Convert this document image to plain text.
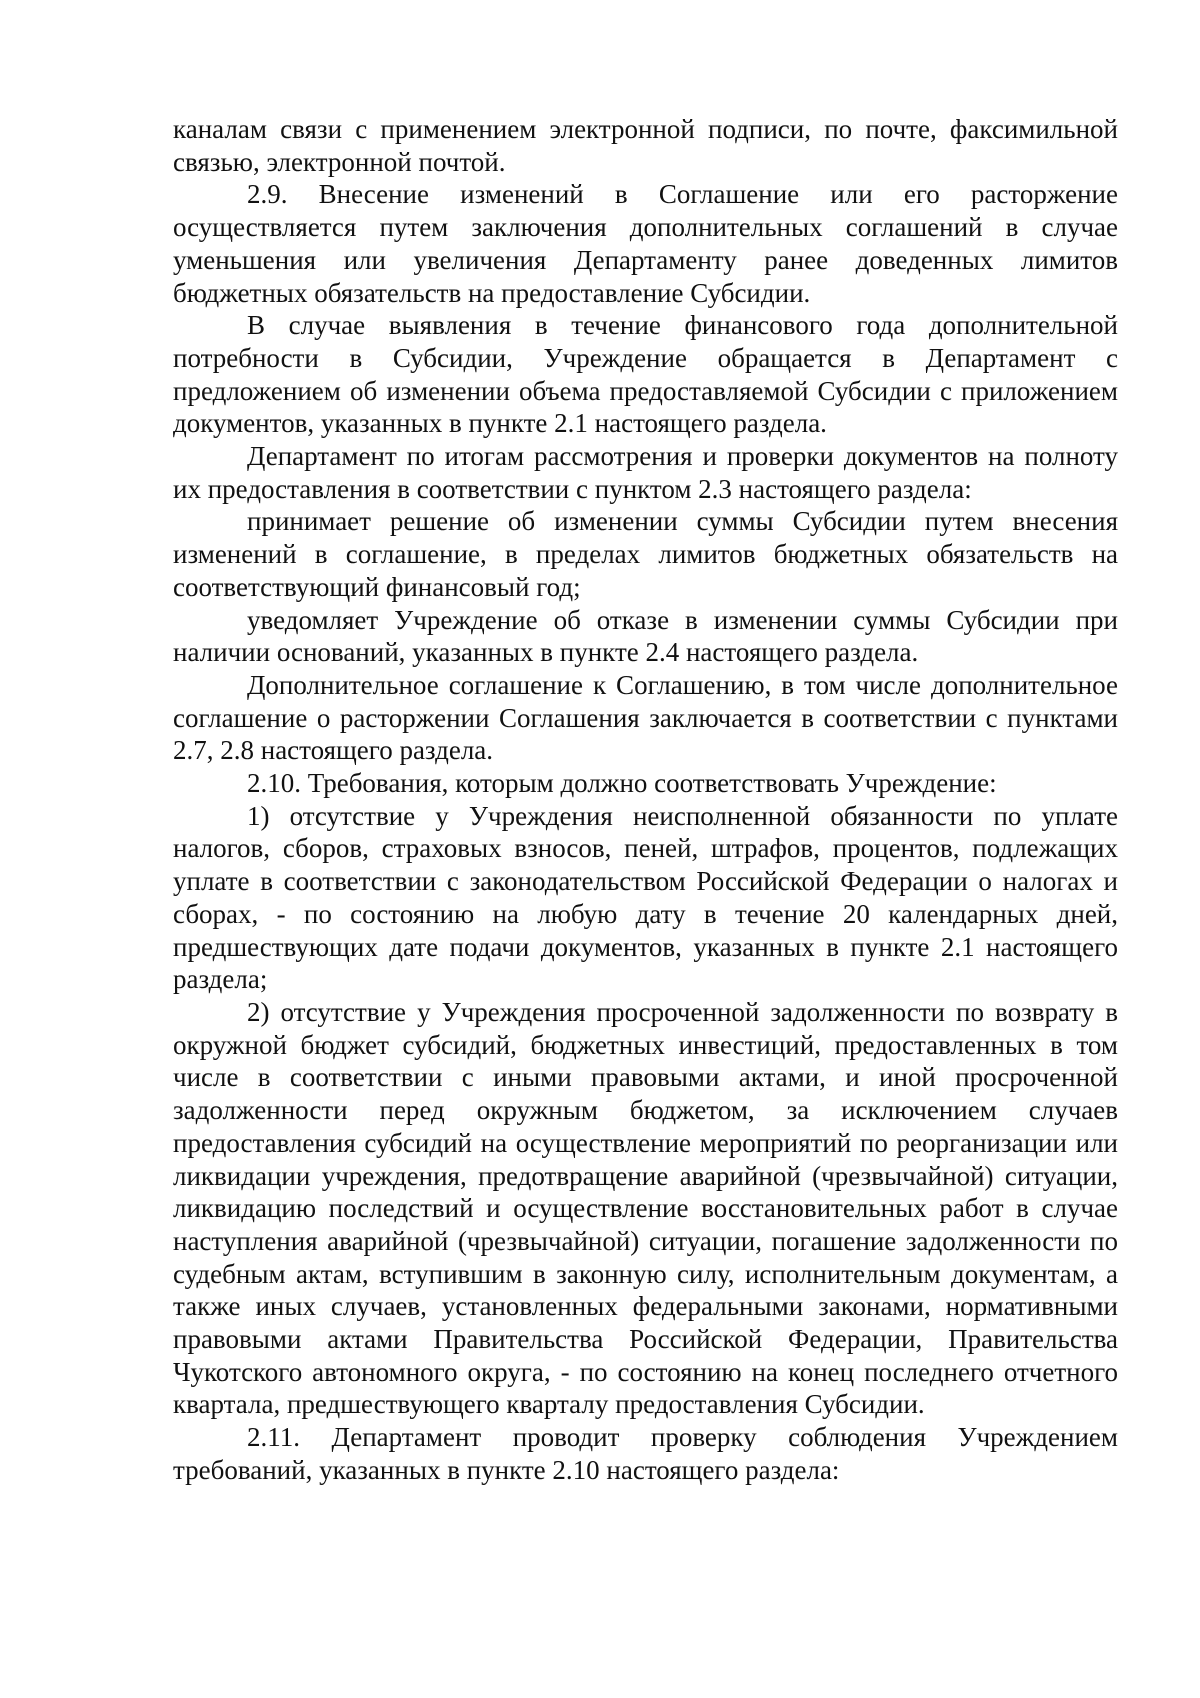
каналам связи с применением электронной подписи, по почте, факсимильной связью, электронной почтой.

2.9. Внесение изменений в Соглашение или его расторжение осуществляется путем заключения дополнительных соглашений в случае уменьшения или увеличения Департаменту ранее доведенных лимитов бюджетных обязательств на предоставление Субсидии.

В случае выявления в течение финансового года дополнительной потребности в Субсидии, Учреждение обращается в Департамент с предложением об изменении объема предоставляемой Субсидии с приложением документов, указанных в пункте 2.1 настоящего раздела.

Департамент по итогам рассмотрения и проверки документов на полноту их предоставления в соответствии с пунктом 2.3 настоящего раздела:

принимает решение об изменении суммы Субсидии путем внесения изменений в соглашение, в пределах лимитов бюджетных обязательств на соответствующий финансовый год;

уведомляет Учреждение об отказе в изменении суммы Субсидии при наличии оснований, указанных в пункте 2.4 настоящего раздела.

Дополнительное соглашение к Соглашению, в том числе дополнительное соглашение о расторжении Соглашения заключается в соответствии с пунктами 2.7, 2.8 настоящего раздела.

2.10. Требования, которым должно соответствовать Учреждение:

1) отсутствие у Учреждения неисполненной обязанности по уплате налогов, сборов, страховых взносов, пеней, штрафов, процентов, подлежащих уплате в соответствии с законодательством Российской Федерации о налогах и сборах, - по состоянию на любую дату в течение 20 календарных дней, предшествующих дате подачи документов, указанных в пункте 2.1 настоящего раздела;

2) отсутствие у Учреждения просроченной задолженности по возврату в окружной бюджет субсидий, бюджетных инвестиций, предоставленных в том числе в соответствии с иными правовыми актами, и иной просроченной задолженности перед окружным бюджетом, за исключением случаев предоставления субсидий на осуществление мероприятий по реорганизации или ликвидации учреждения, предотвращение аварийной (чрезвычайной) ситуации, ликвидацию последствий и осуществление восстановительных работ в случае наступления аварийной (чрезвычайной) ситуации, погашение задолженности по судебным актам, вступившим в законную силу, исполнительным документам, а также иных случаев, установленных федеральными законами, нормативными правовыми актами Правительства Российской Федерации, Правительства Чукотского автономного округа, - по состоянию на конец последнего отчетного квартала, предшествующего кварталу предоставления Субсидии.

2.11. Департамент проводит проверку соблюдения Учреждением требований, указанных в пункте 2.10 настоящего раздела:
